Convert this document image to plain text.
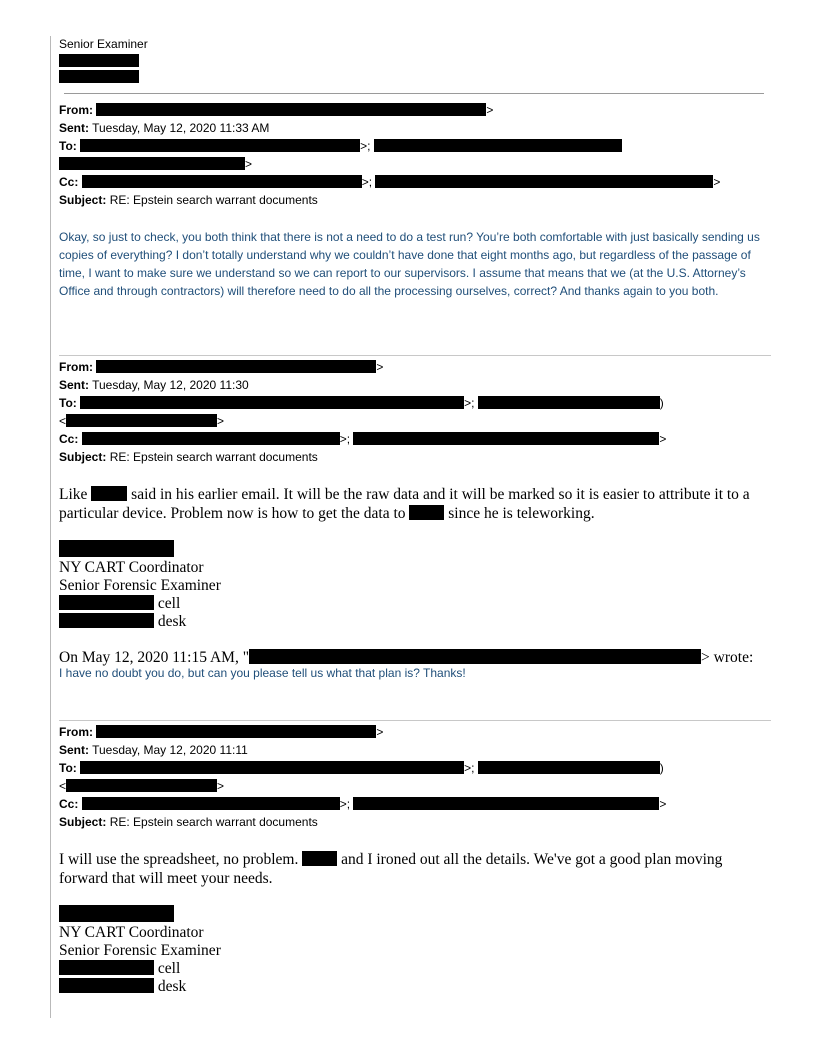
Senior Examiner
From:	>
Sent: Tuesday, May 12, 2020 11:33 AM
To:	>;
>
Cc:	>;	>
Subject: RE: Epstein search warrant documents
Okay, so just to check, you both think that there is not a need to do a test run? You’re both comfortable with just basically sending us copies of everything? I don’t totally understand why we couldn’t have done that eight months ago, but regardless of the passage of time, I want to make sure we understand so we can report to our supervisors. I assume that means that we (at the U.S. Attorney’s Office and through contractors) will therefore need to do all the processing ourselves, correct? And thanks again to you both.
From:	>
Sent: Tuesday, May 12, 2020 11:30
To:	>;	)
<	>
Cc:	>;	>
Subject: RE: Epstein search warrant documents
Like	said in his earlier email. It will be the raw data and it will be marked so it is easier to attribute it to a
particular device. Problem now is how to get the data to	since he is teleworking.
NY CART Coordinator
Senior Forensic Examiner
cell
desk
On May 12, 2020 11:15 AM, "	> wrote:
I have no doubt you do, but can you please tell us what that plan is? Thanks!
From:	>
Sent: Tuesday, May 12, 2020 11:11
To:	>;	)
<	>
Cc:	>;	>
Subject: RE: Epstein search warrant documents
I will use the spreadsheet, no problem.	and I ironed out all the details. We've got a good plan moving
forward that will meet your needs.
NY CART Coordinator
Senior Forensic Examiner
cell
desk
